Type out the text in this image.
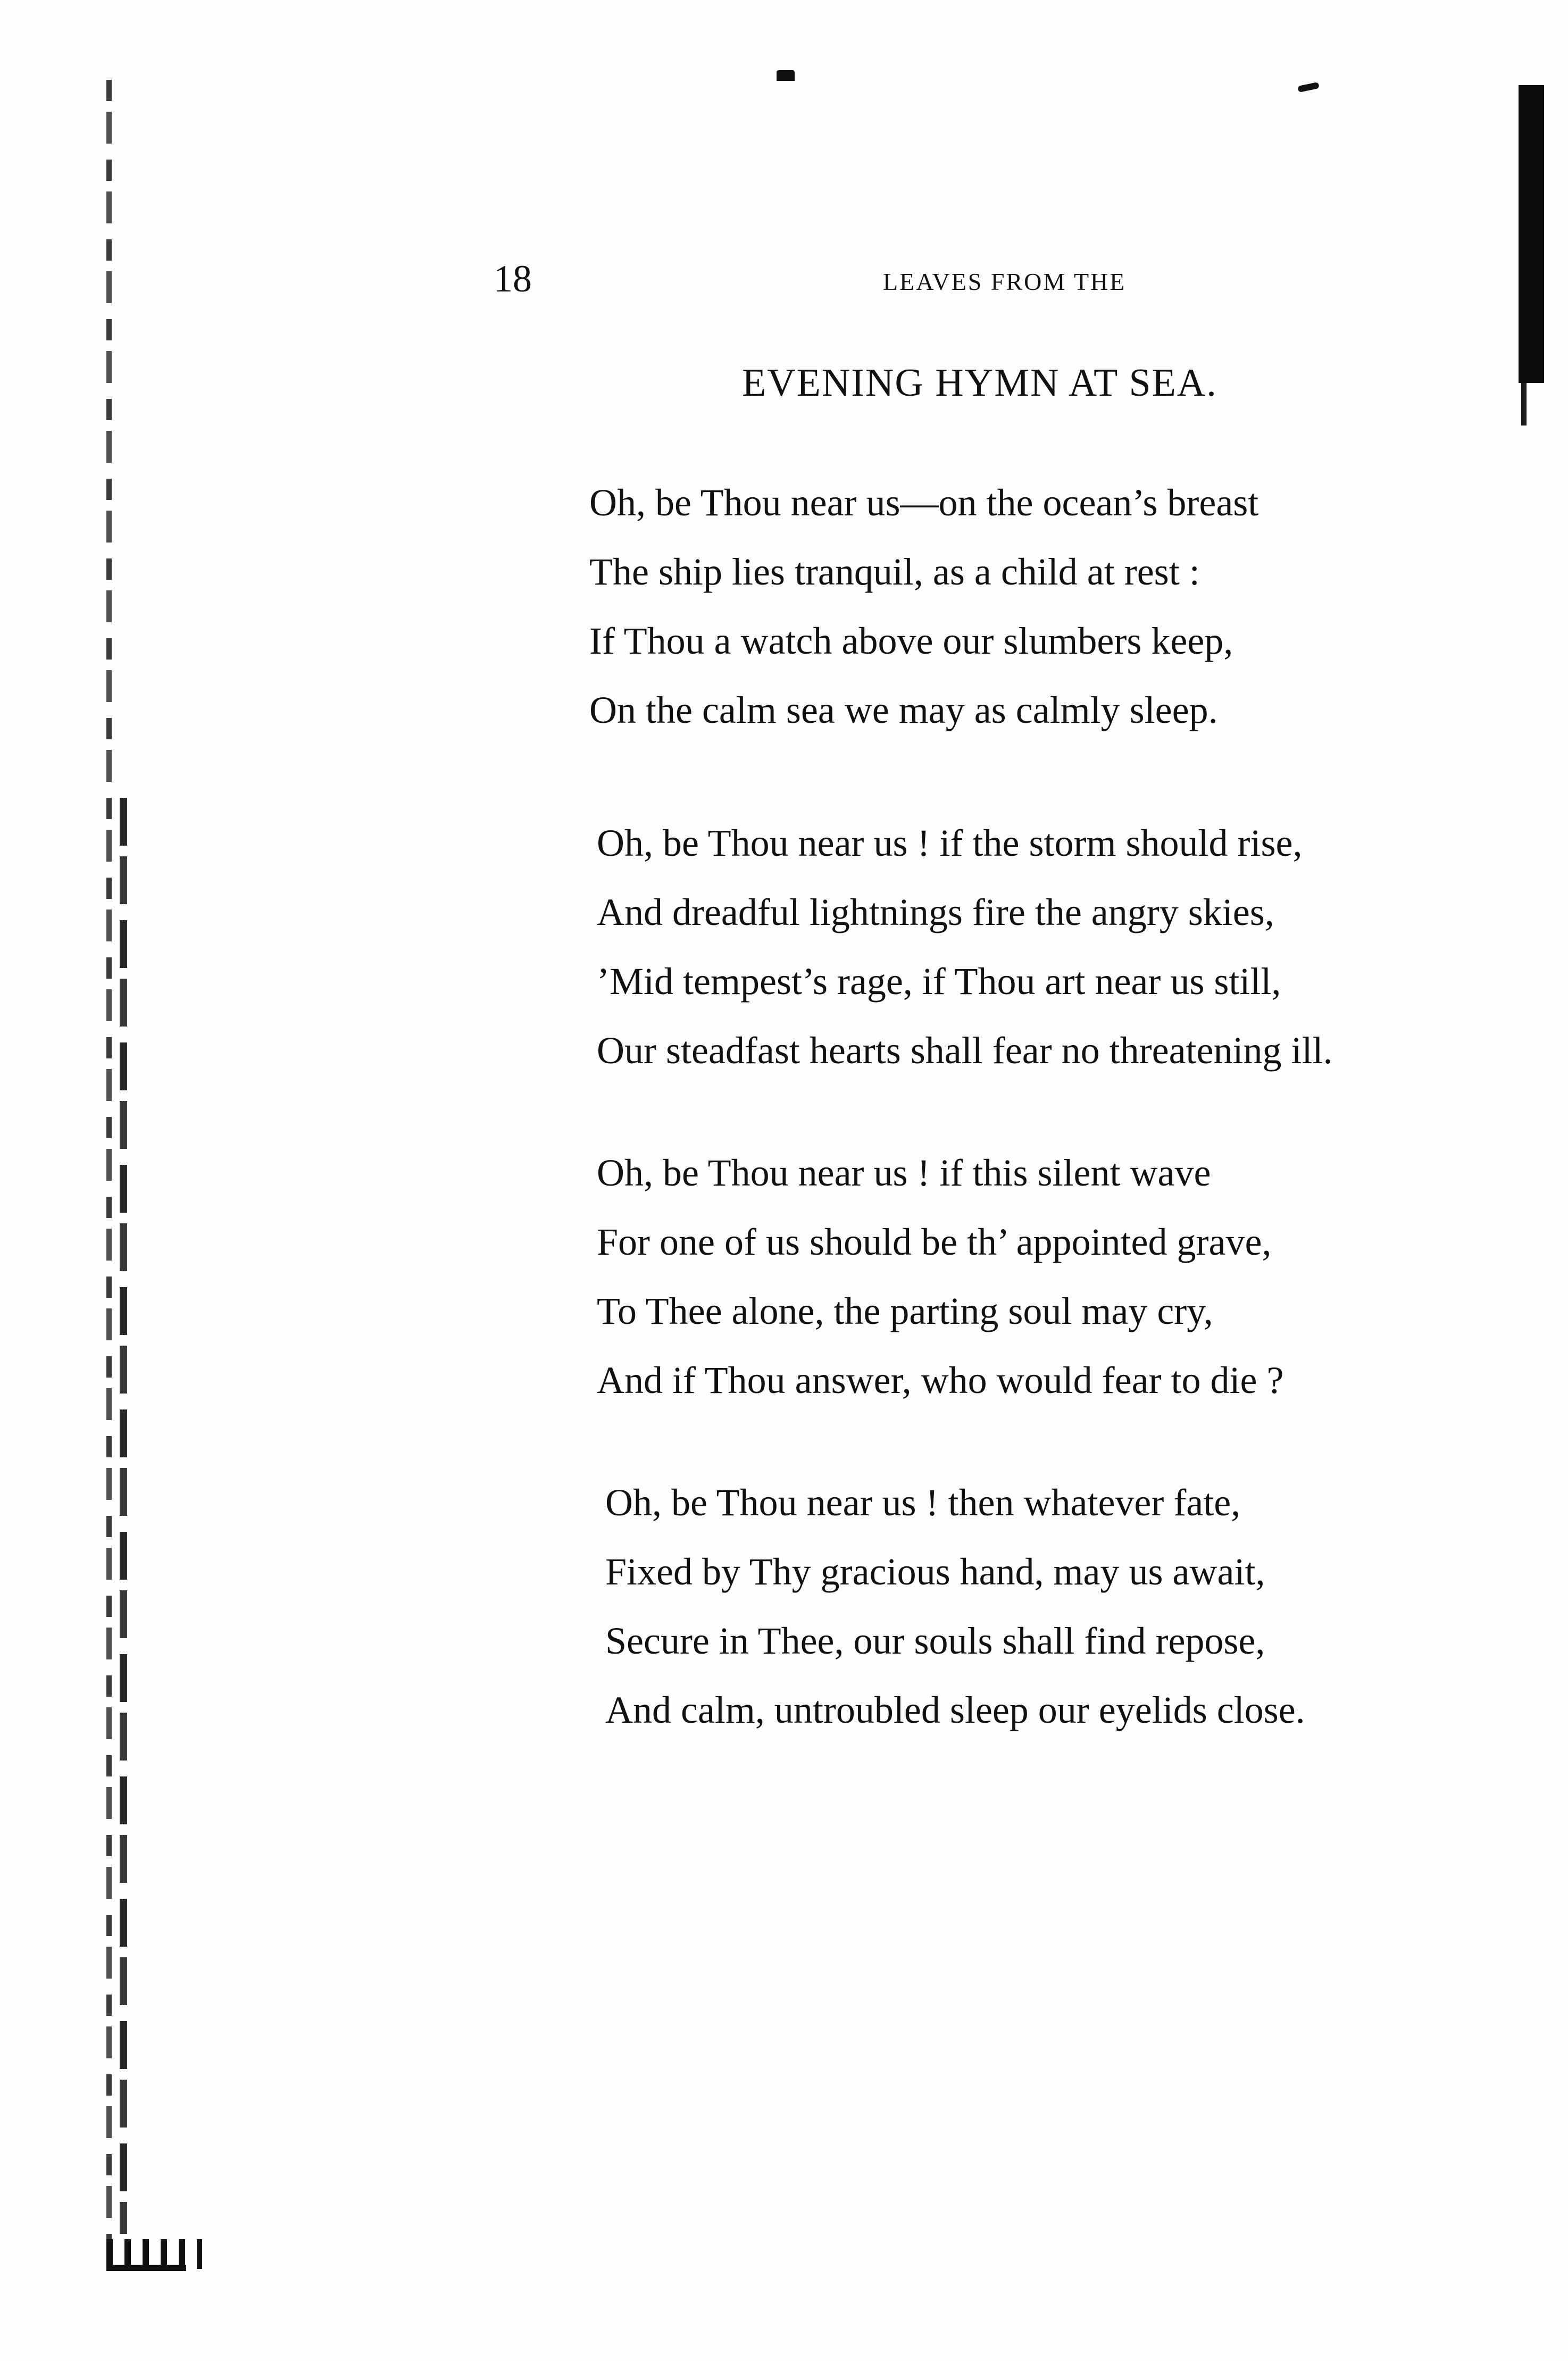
18	LEAVES FROM THE
EVENING HYMN AT SEA.
Oh, be Thou near us—on the ocean’s breast
The ship lies tranquil, as a child at rest :
If Thou a watch above our slumbers keep,
On the calm sea we may as calmly sleep.
Oh, be Thou near us ! if the storm should rise,
And dreadful lightnings fire the angry skies,
’Mid tempest’s rage, if Thou art near us still,
Our steadfast hearts shall fear no threatening ill.
Oh, be Thou near us ! if this silent wave
For one of us should be th’ appointed grave,
To Thee alone, the parting soul may cry,
And if Thou answer, who would fear to die ?
Oh, be Thou near us ! then whatever fate,
Fixed by Thy gracious hand, may us await,
Secure in Thee, our souls shall find repose,
And calm, untroubled sleep our eyelids close.
